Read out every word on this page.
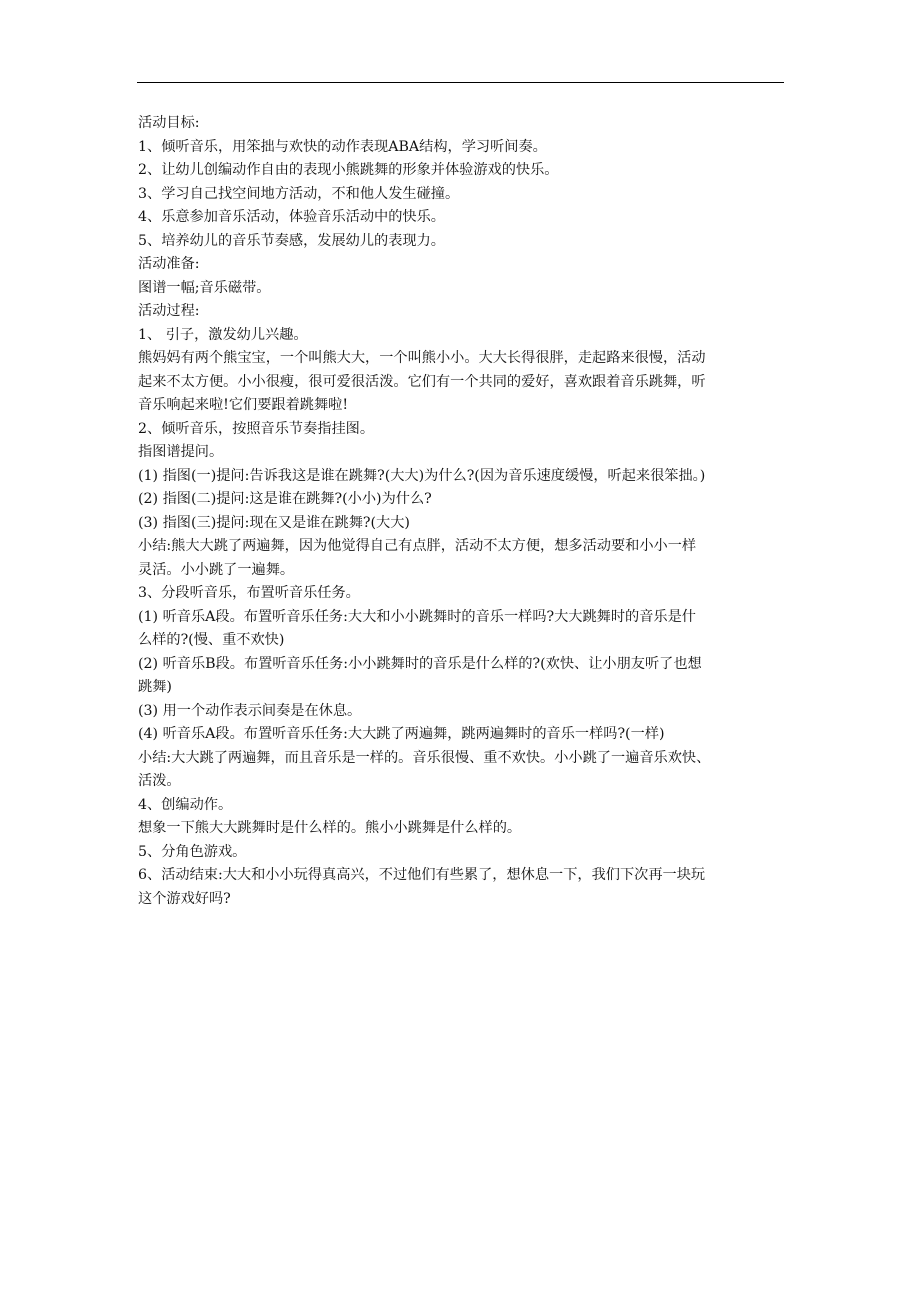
活动目标:
1、倾听音乐，用笨拙与欢快的动作表现ABA结构，学习听间奏。
2、让幼儿创编动作自由的表现小熊跳舞的形象并体验游戏的快乐。
3、学习自己找空间地方活动，不和他人发生碰撞。
4、乐意参加音乐活动，体验音乐活动中的快乐。
5、培养幼儿的音乐节奏感，发展幼儿的表现力。
活动准备:
图谱一幅;音乐磁带。
活动过程:
1、 引子，激发幼儿兴趣。
熊妈妈有两个熊宝宝，一个叫熊大大，一个叫熊小小。大大长得很胖，走起路来很慢，活动
起来不太方便。小小很瘦，很可爱很活泼。它们有一个共同的爱好，喜欢跟着音乐跳舞，听
音乐响起来啦!它们要跟着跳舞啦!
2、倾听音乐，按照音乐节奏指挂图。
指图谱提问。
(1) 指图(一)提问:告诉我这是谁在跳舞?(大大)为什么?(因为音乐速度缓慢，听起来很笨拙。)
(2) 指图(二)提问:这是谁在跳舞?(小小)为什么?
(3) 指图(三)提问:现在又是谁在跳舞?(大大)
小结:熊大大跳了两遍舞，因为他觉得自己有点胖，活动不太方便，想多活动要和小小一样
灵活。小小跳了一遍舞。
3、分段听音乐，布置听音乐任务。
(1) 听音乐A段。布置听音乐任务:大大和小小跳舞时的音乐一样吗?大大跳舞时的音乐是什
么样的?(慢、重不欢快)
(2) 听音乐B段。布置听音乐任务:小小跳舞时的音乐是什么样的?(欢快、让小朋友听了也想
跳舞)
(3) 用一个动作表示间奏是在休息。
(4) 听音乐A段。布置听音乐任务:大大跳了两遍舞，跳两遍舞时的音乐一样吗?(一样)
小结:大大跳了两遍舞，而且音乐是一样的。音乐很慢、重不欢快。小小跳了一遍音乐欢快、
活泼。
4、创编动作。
想象一下熊大大跳舞时是什么样的。熊小小跳舞是什么样的。
5、分角色游戏。
6、活动结束:大大和小小玩得真高兴，不过他们有些累了，想休息一下，我们下次再一块玩
这个游戏好吗?
